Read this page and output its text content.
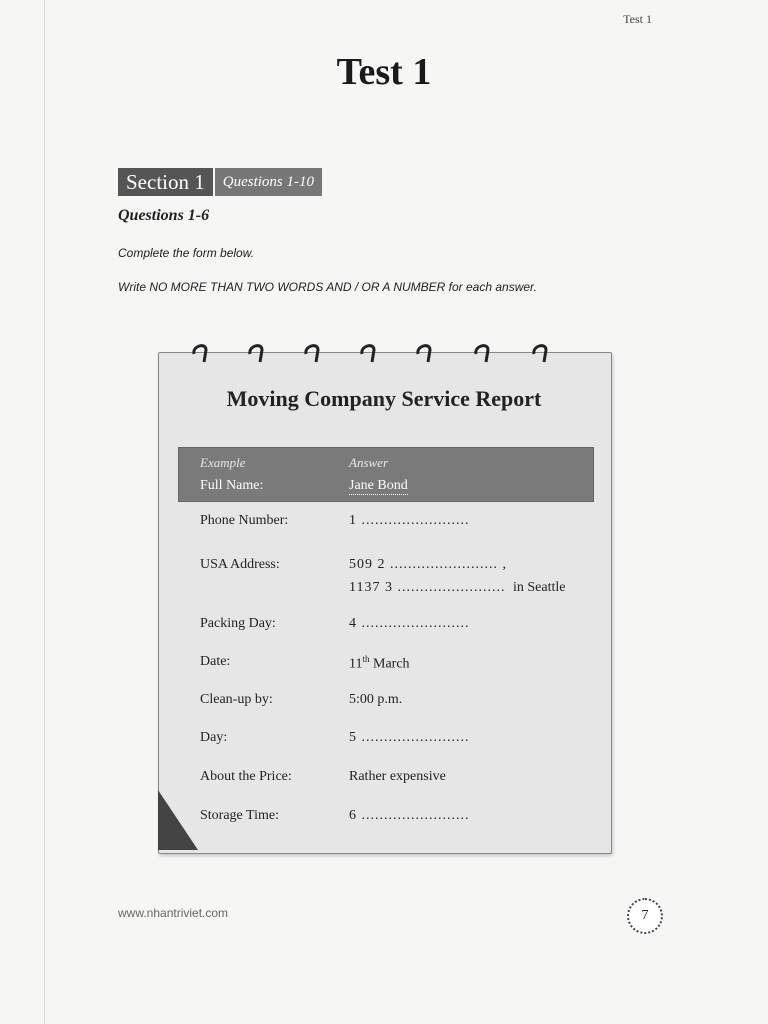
Test 1
Test 1
Section 1	Questions 1-10
Questions 1-6
Complete the form below.
Write NO MORE THAN TWO WORDS AND / OR A NUMBER for each answer.
Moving Company Service Report
Example	Answer
Full Name:	Jane Bond
Phone Number:	1 ........................
USA Address:	509 2 ........................ ,
1137 3 ........................ in Seattle
Packing Day:	4 ........................
Date:	11th March
Clean-up by:	5:00 p.m.
Day:	5 ........................
About the Price:	Rather expensive
Storage Time:	6 ........................
www.nhantriviet.com	7
